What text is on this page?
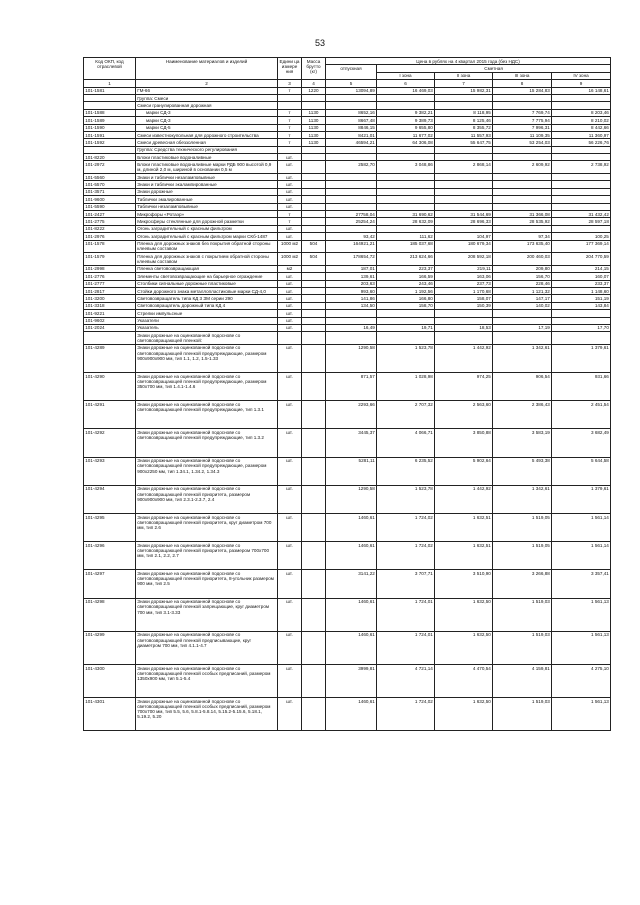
53
Код ОКП, код отраслевой	Наименование материалов и изделий	Едини ца измере ния	Масса брутто (кг)	Цена в рублях на 4 квартал 2015 года (без НДС)				
				отпускная	Сметная			
					I зона	II зона	III зона	IV зона
1	2	3	4	5	6	7	8	9
101-1581	ГМ-66	т	1220	13094,89	16 469,03	15 982,31	15 284,83	16 148,61
	Группа: Смеси							
	Смеси гранулированная дорожная							
101-1588	марки СД-3	т	1130	8652,16	9 382,21	8 118,95	7 769,74	8 203,46
101-1589	марки СД-3	т	1130	8667,48	9 389,73	8 125,46	7 775,94	8 210,02
101-1590	марки СД-5	т	1130	8846,15	9 655,80	8 355,72	7 996,31	8 442,66
101-1591	Смеси известнокупольная для дорожного строительства	т	1130	8421,01	11 677,02	11 557,93	11 109,35	11 360,97
101-1592	Смеси древесная обеззоленная	т	1130	46594,21	64 306,08	55 647,75	53 254,03	56 226,76
	Группа: Средства технического регулирования							
101-8220	Блоки пластиковые водоналивные	шт.						
101-2972	Блоки пластиковые водоналивные марки РДБ 900 высотой 0,9 м, длиной 2,0 м, шириной в основании 0,5 м	шт.		2582,70	3 048,86	2 868,14	2 609,92	2 738,92
101-5560	Знаки и таблички незаламповывные	шт.						
101-5570	Знаки и таблички экалампированные	шт.						
101-3571	Знаки дорожные	шт.						
101-9600	Таблички эмалированные	шт.						
101-5590	Таблички незаламповывные	шт.						
101-2427	Микрофоры «Ротаэр»	т		27758,04	31 690,62	31 544,69	31 366,08	31 432,42
101-2775	Микросферы стеклянные для дорожной разметки	т		25254,24	28 632,09	28 696,33	28 535,92	28 597,18
101-8222	Огонь заградительный с красным фильтром	шт.						
101-2976	Огонь заградительный с красным фильтром марки СКб-1487	шт.		93,42	111,62	104,97	97,34	100,25
101-1578	Пленка для дорожных знаков без покрытия обратной стороны клеевым составом	1000 м2	504	164921,21	185 037,68	180 679,34	173 635,40	177 369,14
101-1579	Пленка для дорожных знаков с покрытием обратной стороны клеевым составом	1000 м2	504	178654,72	213 624,66	208 592,18	200 460,03	204 770,59
101-2998	Пленка световозвращающая	м2		187,01	223,37	219,11	209,80	214,15
101-2776	Элементы световозвращающие на барьерное ограждение	шт.		139,61	166,59	163,06	156,70	160,07
101-2777	Столбики сигнальные дорожные пластиковые	шт.		203,63	243,46	237,73	228,46	233,37
101-2817	Стойки дорожного знака металлопластиковые марки СД-4,0	шт.		993,60	1 192,56	1 170,68	1 121,32	1 148,60
101-3200	Световозвращатель типа КД 3 ЗМ серии 290	шт.		141,86	166,80	158,07	147,17	151,19
101-3318	Световозвращатель дорожный типа КД 4	шт.		134,50	158,70	150,39	140,02	143,84
101-9221	Стрелки импульсные	шт.						
101-9602	Указатели	шт.						
101-2024	Указатель	шт.		16,49	19,71	18,53	17,19	17,70
	Знаки дорожные на оцинкованной подоснове со световозвращающей пленкой:							
101-4289	Знаки дорожные на оцинкованной подоснове со световозвращающей пленкой предупреждающие, размером 900х900х900 мм, тип 1.1, 1.2, 1.5-1.33	шт.		1290,58	1 523,78	1 442,92	1 342,61	1 379,61
101-4290	Знаки дорожные на оцинкованной подоснове со световозвращающей пленкой предупреждающие, размером 350х700 мм, тип 1.4.1-1.4.6	шт.		871,57	1 028,98	974,25	906,54	931,66
101-4291	Знаки дорожные на оцинкованной подоснове со световозвращающей пленкой предупреждающие, тип 1.3.1	шт.		2293,66	2 707,32	2 563,60	2 386,43	2 451,54
101-4292	Знаки дорожные на оцинкованной подоснове со световозвращающей пленкой предупреждающие, тип 1.3.2	шт.		3445,37	4 066,71	3 850,88	3 583,19	3 682,49
101-4293	Знаки дорожные на оцинкованной подоснове со световозвращающей пленкой предупреждающие, размером 900х2250 мм, тип 1.34.1, 1.34.2, 1.34.3	шт.		5281,11	6 235,52	5 902,64	5 493,38	5 644,58
101-4294	Знаки дорожные на оцинкованной подоснове со световозвращающей пленкой приоритета, размером 900х900х900 мм, тип 2.3.1-2.3.7, 2.4	шт.		1290,58	1 523,78	1 442,92	1 342,61	1 379,61
101-4295	Знаки дорожные на оцинкованной подоснове со световозвращающей пленкой приоритета, круг диаметром 700 мм, тип 2.6	шт.		1460,61	1 724,02	1 632,51	1 519,05	1 561,14
101-4296	Знаки дорожные на оцинкованной подоснове со световозвращающей пленкой приоритета, размером 700х700 мм, тип 2.1, 2.2, 2.7	шт.		1460,61	1 724,02	1 632,51	1 519,05	1 561,14
101-4297	Знаки дорожные на оцинкованной подоснове со световозвращающей пленкой приоритета, 8-угольник размером 900 мм, тип 2.5	шт.		3141,22	3 707,71	3 510,90	3 266,88	3 357,41
101-4298	Знаки дорожные на оцинкованной подоснове со световозвращающей пленкой запрещающие, круг диаметром 700 мм, тип 3.1-3.33	шт.		1460,61	1 724,01	1 632,50	1 519,03	1 561,13
101-4299	Знаки дорожные на оцинкованной подоснове со световозвращающей пленкой предписывающие, круг диаметром 700 мм, тип 4.1.1-4.7	шт.		1460,61	1 724,01	1 632,50	1 519,03	1 561,13
101-4300	Знаки дорожные на оцинкованной подоснове со световозвращающей пленкой особых предписаний, размером 1350х900 мм, тип 5.1-5.4	шт.		3999,81	4 721,14	4 470,54	4 159,81	4 275,10
101-4301	Знаки дорожные на оцинкованной подоснове со световозвращающей пленкой особых предписаний, размером 700х700 мм, тип 5.5, 5.6, 5.8.1-5.8.14, 5.15.2-5.15.6, 5.18.1, 5.19.2, 5.20	шт.		1460,61	1 724,02	1 632,50	1 519,03	1 561,13
